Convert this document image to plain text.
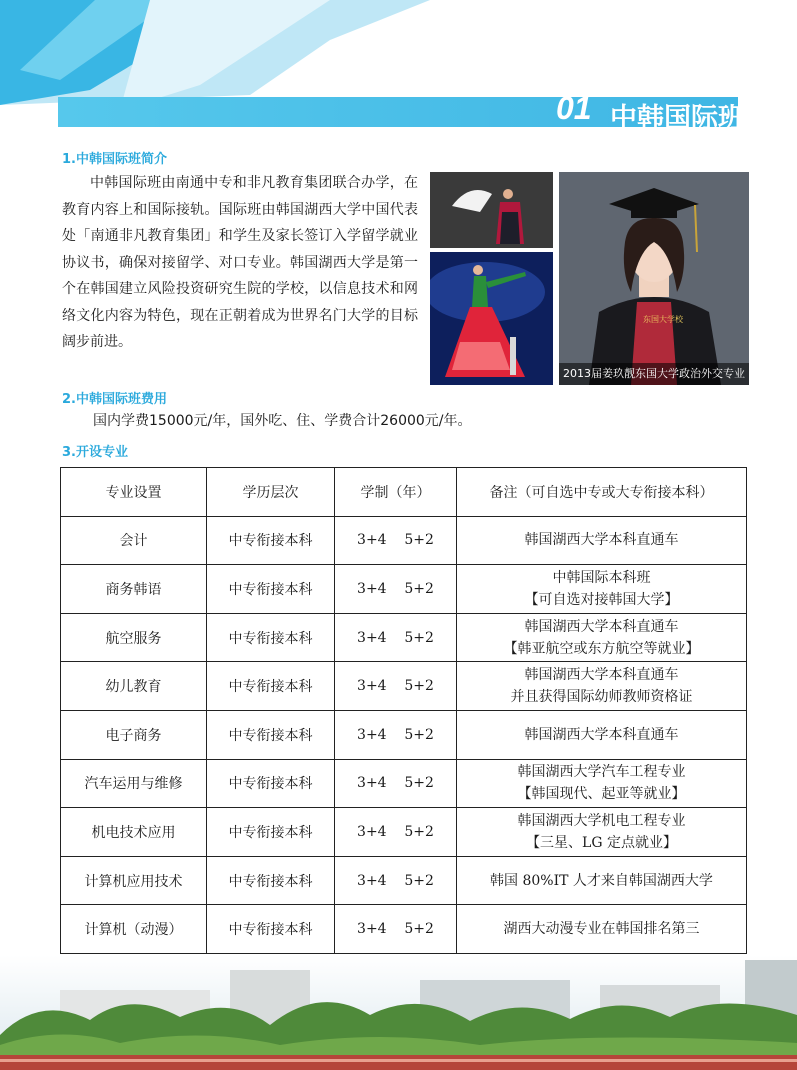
01 中韩国际班
1.中韩国际班简介

中韩国际班由南通中专和非凡教育集团联合办学，在教育内容上和国际接轨。国际班由韩国湖西大学中国代表处「南通非凡教育集团」和学生及家长签订入学留学就业协议书，确保对接留学、对口专业。韩国湖西大学是第一个在韩国建立风险投资研究生院的学校，以信息技术和网络文化内容为特色，现在正朝着成为世界名门大学的目标阔步前进。

东国大学校
2013届姜玖靓东国大学政治外交专业
2.中韩国际班费用
国内学费15000元/年，国外吃、住、学费合计26000元/年。
3.开设专业
专业设置	学历层次	学制（年）	备注（可自选中专或大专衔接本科）
会计	中专衔接本科	3+4    5+2	韩国湖西大学本科直通车

商务韩语	中专衔接本科	3+4    5+2	中韩国际本科班
【可自选对接韩国大学】

航空服务	中专衔接本科	3+4    5+2	韩国湖西大学本科直通车
【韩亚航空或东方航空等就业】

幼儿教育	中专衔接本科	3+4    5+2	韩国湖西大学本科直通车
并且获得国际幼师教师资格证

电子商务	中专衔接本科	3+4    5+2	韩国湖西大学本科直通车

汽车运用与维修	中专衔接本科	3+4    5+2	韩国湖西大学汽车工程专业
【韩国现代、起亚等就业】

机电技术应用	中专衔接本科	3+4    5+2	韩国湖西大学机电工程专业
【三星、LG 定点就业】

计算机应用技术	中专衔接本科	3+4    5+2	韩国 80%IT 人才来自韩国湖西大学

计算机（动漫）	中专衔接本科	3+4    5+2	湖西大动漫专业在韩国排名第三
